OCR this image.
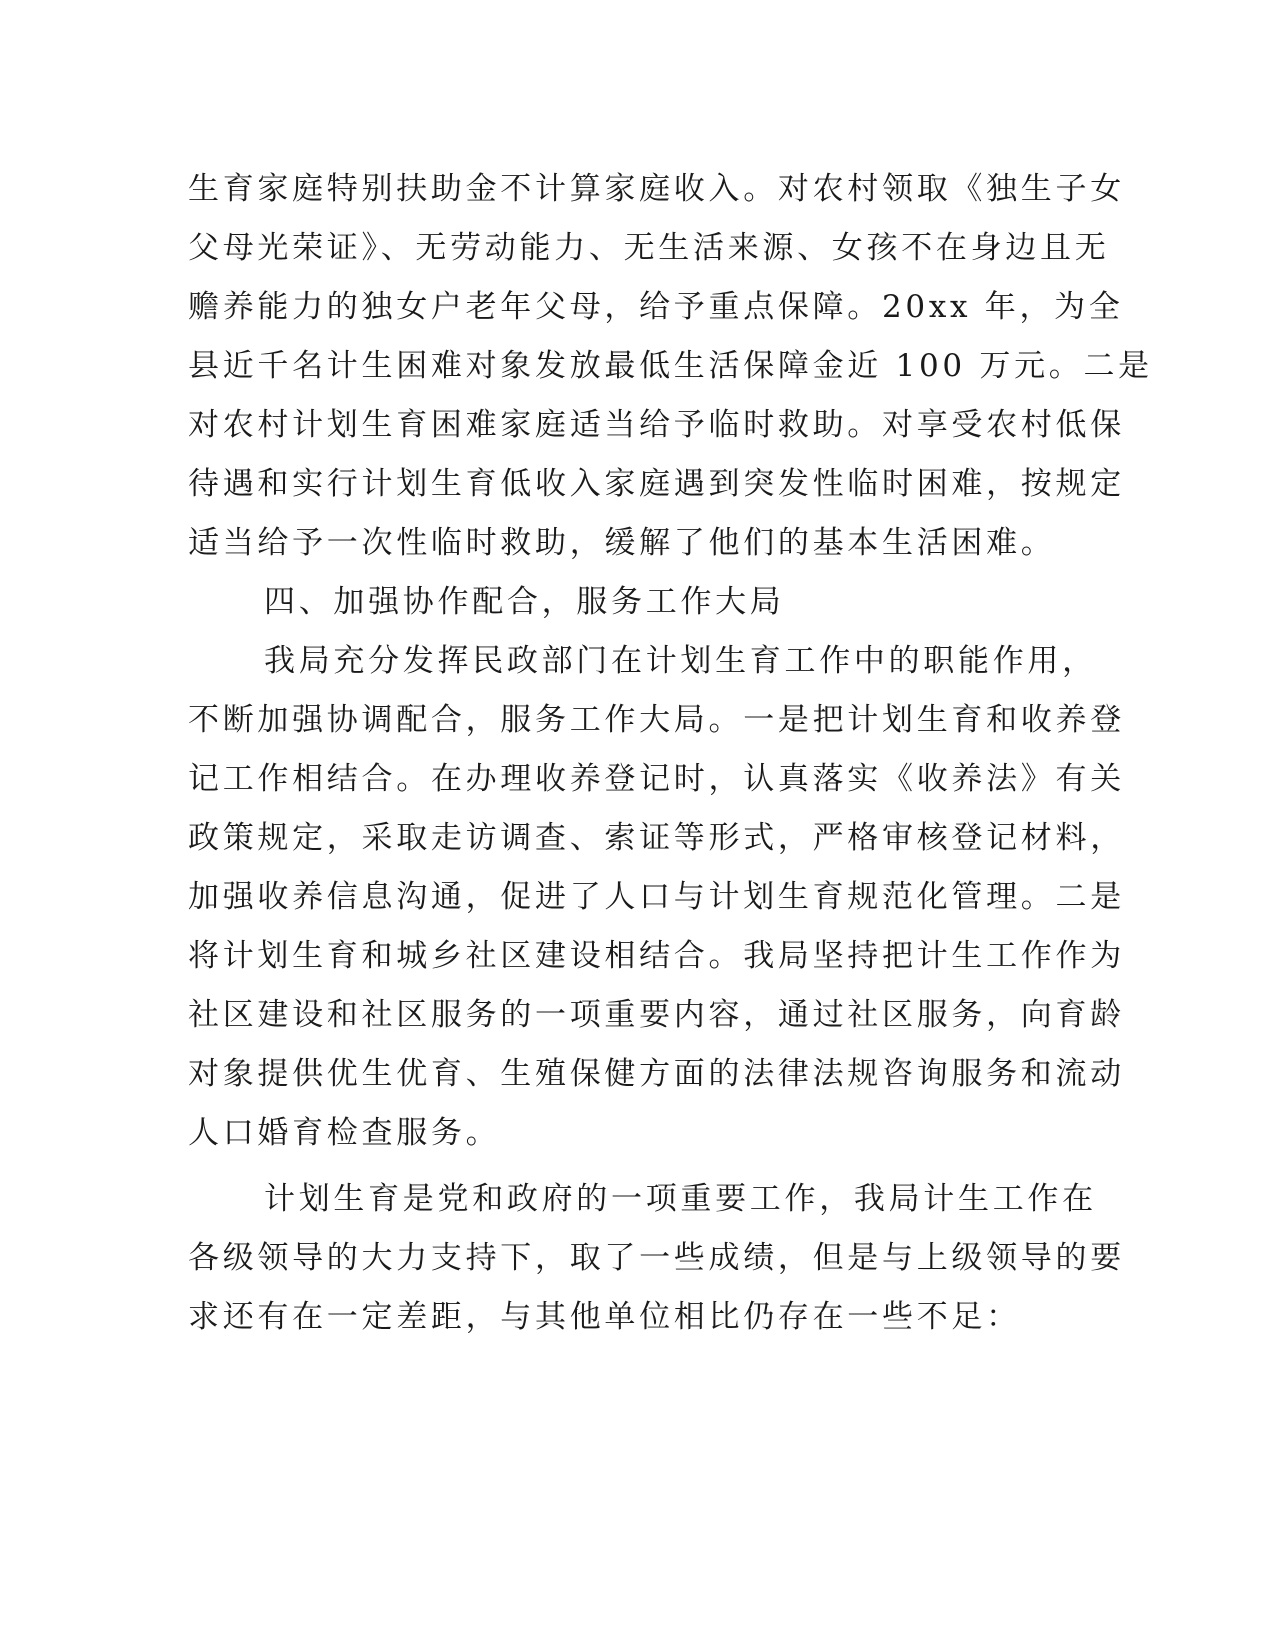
生育家庭特别扶助金不计算家庭收入。对农村领取《独生子女
父母光荣证》、无劳动能力、无生活来源、女孩不在身边且无
赡养能力的独女户老年父母，给予重点保障。20xx 年，为全
县近千名计生困难对象发放最低生活保障金近 100 万元。二是
对农村计划生育困难家庭适当给予临时救助。对享受农村低保
待遇和实行计划生育低收入家庭遇到突发性临时困难，按规定
适当给予一次性临时救助，缓解了他们的基本生活困难。
四、加强协作配合，服务工作大局
我局充分发挥民政部门在计划生育工作中的职能作用，
不断加强协调配合，服务工作大局。一是把计划生育和收养登
记工作相结合。在办理收养登记时，认真落实《收养法》有关
政策规定，采取走访调查、索证等形式，严格审核登记材料，
加强收养信息沟通，促进了人口与计划生育规范化管理。二是
将计划生育和城乡社区建设相结合。我局坚持把计生工作作为
社区建设和社区服务的一项重要内容，通过社区服务，向育龄
对象提供优生优育、生殖保健方面的法律法规咨询服务和流动
人口婚育检查服务。
计划生育是党和政府的一项重要工作，我局计生工作在
各级领导的大力支持下，取了一些成绩，但是与上级领导的要
求还有在一定差距，与其他单位相比仍存在一些不足：
